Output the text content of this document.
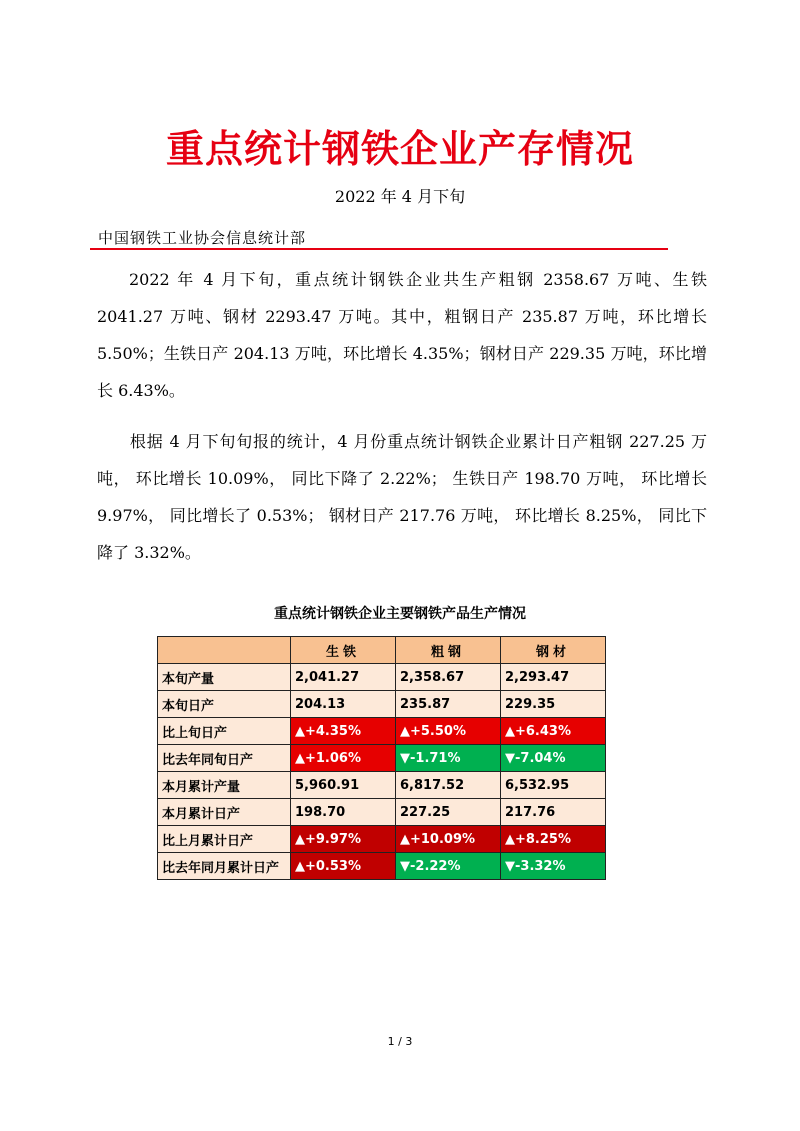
重点统计钢铁企业产存情况
2022 年 4 月下旬
中国钢铁工业协会信息统计部
2022 年 4 月下旬，重点统计钢铁企业共生产粗钢 2358.67 万吨、生铁 2041.27 万吨、钢材 2293.47 万吨。其中，粗钢日产 235.87 万吨，环比增长 5.50%；生铁日产 204.13 万吨，环比增长 4.35%；钢材日产 229.35 万吨，环比增长 6.43%。
根据 4 月下旬旬报的统计，4 月份重点统计钢铁企业累计日产粗钢 227.25 万吨， 环比增长 10.09%， 同比下降了 2.22%； 生铁日产 198.70 万吨， 环比增长 9.97%， 同比增长了 0.53%； 钢材日产 217.76 万吨， 环比增长 8.25%， 同比下降了 3.32%。
重点统计钢铁企业主要钢铁产品生产情况
	生铁	粗钢	钢材
本旬产量	2,041.27	2,358.67	2,293.47
本旬日产	204.13	235.87	229.35
比上旬日产	▲+4.35%	▲+5.50%	▲+6.43%
比去年同旬日产	▲+1.06%	▼-1.71%	▼-7.04%
本月累计产量	5,960.91	6,817.52	6,532.95
本月累计日产	198.70	227.25	217.76
比上月累计日产	▲+9.97%	▲+10.09%	▲+8.25%
比去年同月累计日产	▲+0.53%	▼-2.22%	▼-3.32%
1 / 3
